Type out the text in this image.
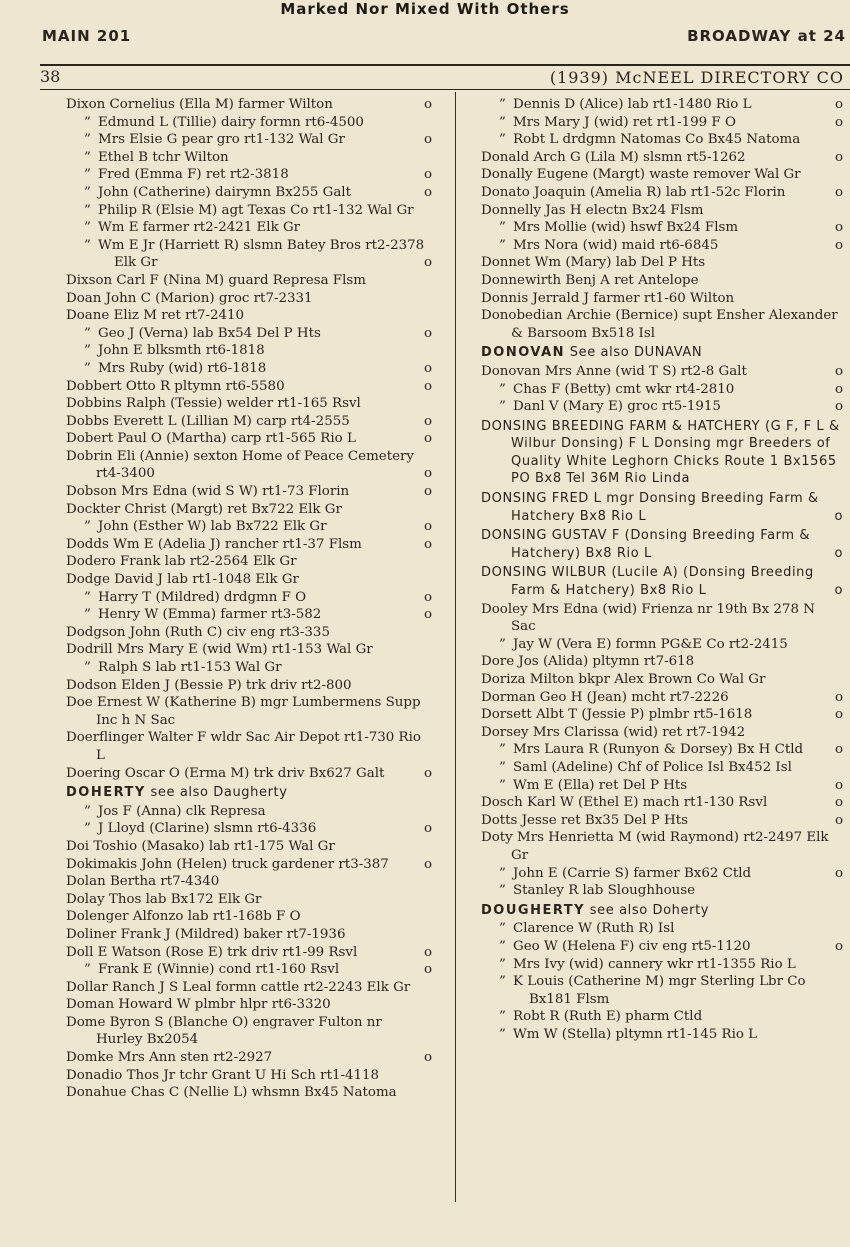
Marked Nor Mixed With Others
MAIN 201	BROADWAY at 24
38	(1939) McNEEL DIRECTORY CO

Dixon Cornelius (Ella M) farmer Wilton	o

” Edmund L (Tillie) dairy formn rt6-4500

” Mrs Elsie G pear gro rt1-132 Wal Gr	o

” Ethel B tchr Wilton

” Fred (Emma F) ret rt2-3818	o

” John (Catherine) dairymn Bx255 Galt	o

” Philip R (Elsie M) agt Texas Co rt1-132 Wal Gr

” Wm E farmer rt2-2421 Elk Gr

” Wm E Jr (Harriett R) slsmn Batey Bros rt2-2378 Elk Gr	o

Dixson Carl F (Nina M) guard Represa Flsm

Doan John C (Marion) groc rt7-2331

Doane Eliz M ret rt7-2410

” Geo J (Verna) lab Bx54 Del P Hts	o

” John E blksmth rt6-1818

” Mrs Ruby (wid) rt6-1818	o

Dobbert Otto R pltymn rt6-5580	o

Dobbins Ralph (Tessie) welder rt1-165 Rsvl

Dobbs Everett L (Lillian M) carp rt4-2555	o

Dobert Paul O (Martha) carp rt1-565 Rio L	o

Dobrin Eli (Annie) sexton Home of Peace Cemetery rt4-3400	o

Dobson Mrs Edna (wid S W) rt1-73 Florin	o

Dockter Christ (Margt) ret Bx722 Elk Gr

” John (Esther W) lab Bx722 Elk Gr	o

Dodds Wm E (Adelia J) rancher rt1-37 Flsm	o

Dodero Frank lab rt2-2564 Elk Gr

Dodge David J lab rt1-1048 Elk Gr

” Harry T (Mildred) drdgmn F O	o

” Henry W (Emma) farmer rt3-582	o

Dodgson John (Ruth C) civ eng rt3-335

Dodrill Mrs Mary E (wid Wm) rt1-153 Wal Gr

” Ralph S lab rt1-153 Wal Gr

Dodson Elden J (Bessie P) trk driv rt2-800

Doe Ernest W (Katherine B) mgr Lumbermens Supp Inc h N Sac

Doerflinger Walter F wldr Sac Air Depot rt1-730 Rio L

Doering Oscar O (Erma M) trk driv Bx627 Galt	o

DOHERTY see also Daugherty

” Jos F (Anna) clk Represa

” J Lloyd (Clarine) slsmn rt6-4336	o

Doi Toshio (Masako) lab rt1-175 Wal Gr

Dokimakis John (Helen) truck gardener rt3-387	o

Dolan Bertha rt7-4340

Dolay Thos lab Bx172 Elk Gr

Dolenger Alfonzo lab rt1-168b F O

Doliner Frank J (Mildred) baker rt7-1936

Doll E Watson (Rose E) trk driv rt1-99 Rsvl	o

” Frank E (Winnie) cond rt1-160 Rsvl	o

Dollar Ranch J S Leal formn cattle rt2-2243 Elk Gr

Doman Howard W plmbr hlpr rt6-3320

Dome Byron S (Blanche O) engraver Fulton nr Hurley Bx2054

Domke Mrs Ann sten rt2-2927	o

Donadio Thos Jr tchr Grant U Hi Sch rt1-4118

Donahue Chas C (Nellie L) whsmn Bx45 Natoma

” Dennis D (Alice) lab rt1-1480 Rio L	o

” Mrs Mary J (wid) ret rt1-199 F O	o

” Robt L drdgmn Natomas Co Bx45 Natoma

Donald Arch G (Lila M) slsmn rt5-1262	o

Donally Eugene (Margt) waste remover Wal Gr

Donato Joaquin (Amelia R) lab rt1-52c Florin	o

Donnelly Jas H electn Bx24 Flsm

” Mrs Mollie (wid) hswf Bx24 Flsm	o

” Mrs Nora (wid) maid rt6-6845	o

Donnet Wm (Mary) lab Del P Hts

Donnewirth Benj A ret Antelope

Donnis Jerrald J farmer rt1-60 Wilton

Donobedian Archie (Bernice) supt Ensher Alexander & Barsoom Bx518 Isl

DONOVAN See also DUNAVAN

Donovan Mrs Anne (wid T S) rt2-8 Galt	o

” Chas F (Betty) cmt wkr rt4-2810	o

” Danl V (Mary E) groc rt5-1915	o

DONSING BREEDING FARM & HATCHERY (G F, F L & Wilbur Donsing) F L Donsing mgr Breeders of Quality White Leghorn Chicks Route 1 Bx1565 PO Bx8 Tel 36M Rio Linda

DONSING FRED L mgr Donsing Breeding Farm & Hatchery Bx8 Rio L	o

DONSING GUSTAV F (Donsing Breeding Farm & Hatchery) Bx8 Rio L	o

DONSING WILBUR (Lucile A) (Donsing Breeding Farm & Hatchery) Bx8 Rio L	o

Dooley Mrs Edna (wid) Frienza nr 19th Bx 278 N Sac

” Jay W (Vera E) formn PG&E Co rt2-2415

Dore Jos (Alida) pltymn rt7-618

Doriza Milton bkpr Alex Brown Co Wal Gr

Dorman Geo H (Jean) mcht rt7-2226	o

Dorsett Albt T (Jessie P) plmbr rt5-1618	o

Dorsey Mrs Clarissa (wid) ret rt7-1942

” Mrs Laura R (Runyon & Dorsey) Bx H Ctld o

” Saml (Adeline) Chf of Police Isl Bx452 Isl

” Wm E (Ella) ret Del P Hts	o

Dosch Karl W (Ethel E) mach rt1-130 Rsvl	o

Dotts Jesse ret Bx35 Del P Hts	o

Doty Mrs Henrietta M (wid Raymond) rt2-2497 Elk Gr

” John E (Carrie S) farmer Bx62 Ctld	o

” Stanley R lab Sloughhouse

DOUGHERTY see also Doherty

” Clarence W (Ruth R) Isl

” Geo W (Helena F) civ eng rt5-1120	o

” Mrs Ivy (wid) cannery wkr rt1-1355 Rio L

” K Louis (Catherine M) mgr Sterling Lbr Co Bx181 Flsm

” Robt R (Ruth E) pharm Ctld

” Wm W (Stella) pltymn rt1-145 Rio L
